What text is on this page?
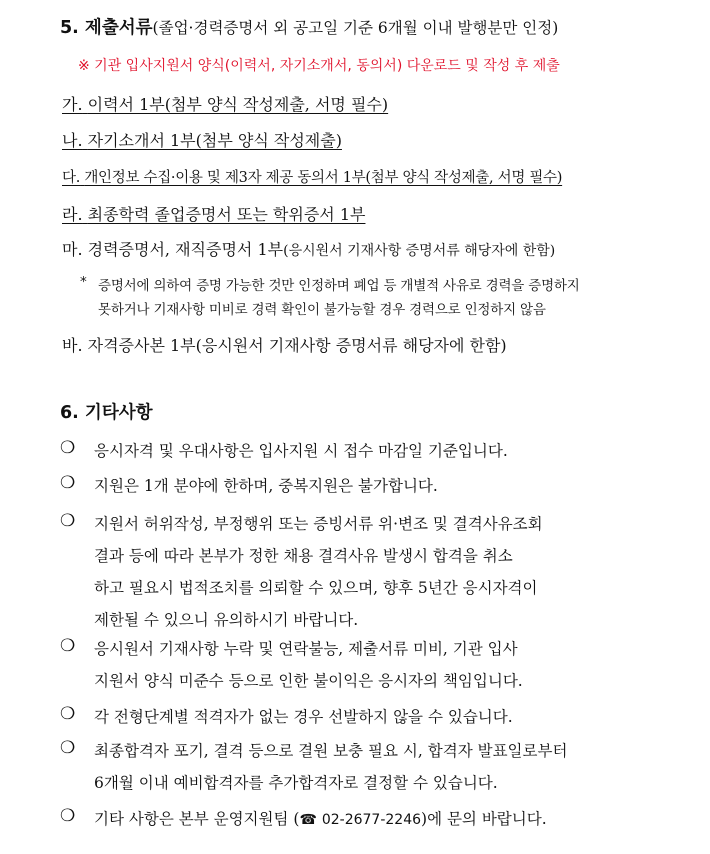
5. 제출서류(졸업·경력증명서 외 공고일 기준 6개월 이내 발행분만 인정)
※ 기관 입사지원서 양식(이력서, 자기소개서, 동의서) 다운로드 및 작성 후 제출
가. 이력서 1부(첨부 양식 작성제출, 서명 필수)
나. 자기소개서 1부(첨부 양식 작성제출)
다. 개인정보 수집·이용 및 제3자 제공 동의서 1부(첨부 양식 작성제출, 서명 필수)
라. 최종학력 졸업증명서 또는 학위증서 1부
마. 경력증명서, 재직증명서 1부(응시원서 기재사항 증명서류 해당자에 한함)
* 증명서에 의하여 증명 가능한 것만 인정하며 폐업 등 개별적 사유로 경력을 증명하지
못하거나 기재사항 미비로 경력 확인이 불가능할 경우 경력으로 인정하지 않음
바. 자격증사본 1부(응시원서 기재사항 증명서류 해당자에 한함)
6. 기타사항
❍ 응시자격 및 우대사항은 입사지원 시 접수 마감일 기준입니다.
❍ 지원은 1개 분야에 한하며, 중복지원은 불가합니다.
❍ 지원서 허위작성, 부정행위 또는 증빙서류 위·변조 및 결격사유조회
결과 등에 따라 본부가 정한 채용 결격사유 발생시 합격을 취소
하고 필요시 법적조치를 의뢰할 수 있으며, 향후 5년간 응시자격이
제한될 수 있으니 유의하시기 바랍니다.
❍ 응시원서 기재사항 누락 및 연락불능, 제출서류 미비, 기관 입사
지원서 양식 미준수 등으로 인한 불이익은 응시자의 책임입니다.
❍ 각 전형단계별 적격자가 없는 경우 선발하지 않을 수 있습니다.
❍ 최종합격자 포기, 결격 등으로 결원 보충 필요 시, 합격자 발표일로부터
6개월 이내 예비합격자를 추가합격자로 결정할 수 있습니다.
❍ 기타 사항은 본부 운영지원팀 (☎ 02-2677-2246)에 문의 바랍니다.
